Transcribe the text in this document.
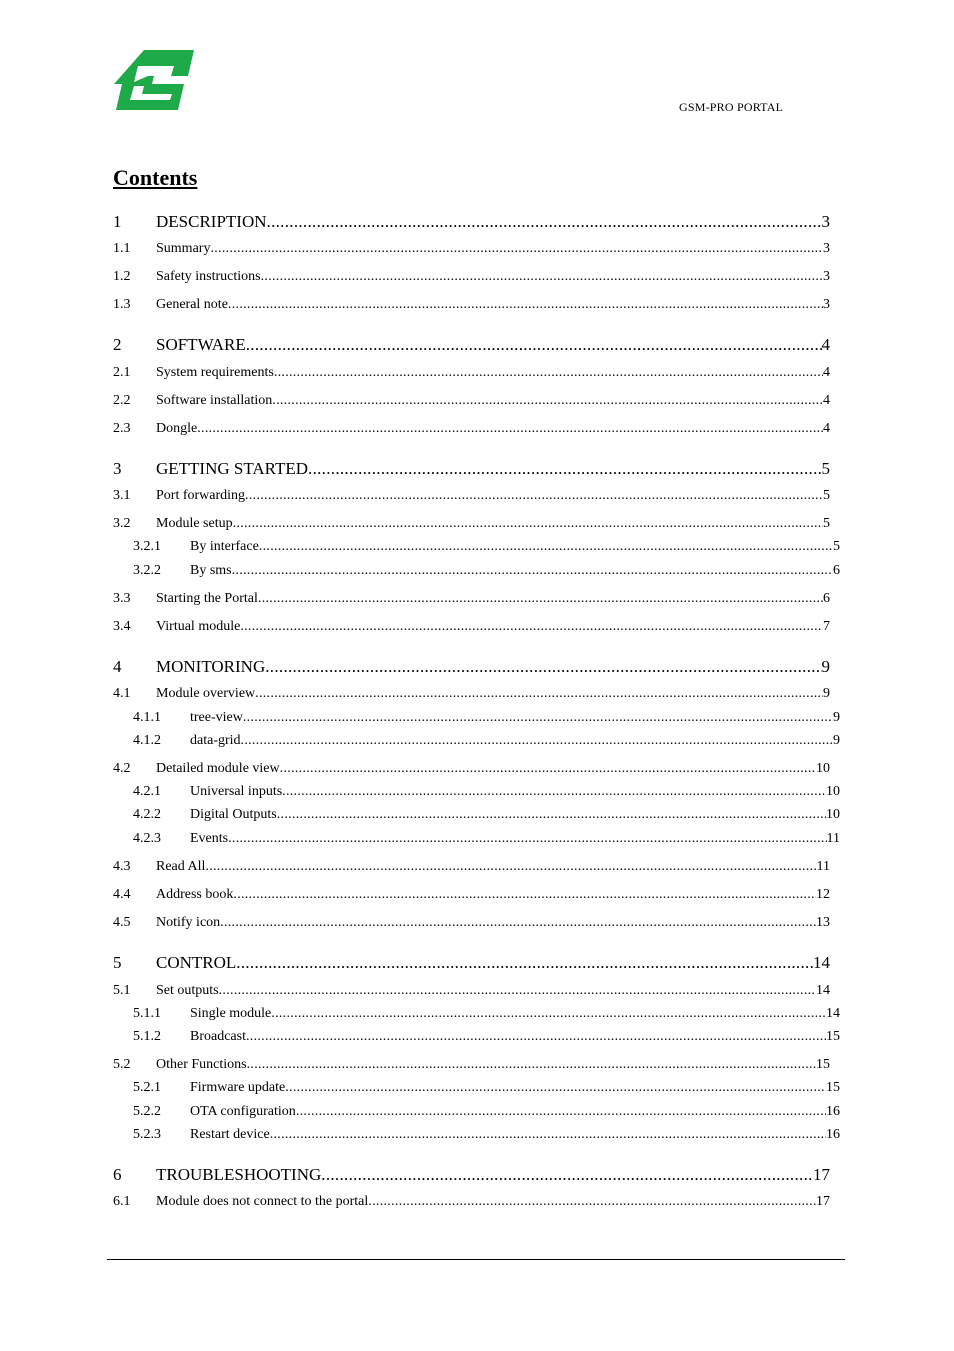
GSM-PRO PORTAL
Contents
1	DESCRIPTION .....	3
1.1	Summary .....	3
1.2	Safety instructions .....	3
1.3	General note .....	3
2	SOFTWARE .....	4
2.1	System requirements .....	4
2.2	Software installation .....	4
2.3	Dongle .....	4
3	GETTING STARTED .....	5
3.1	Port forwarding .....	5
3.2	Module setup .....	5
3.2.1	By interface .....	5
3.2.2	By sms .....	6
3.3	Starting the Portal .....	6
3.4	Virtual module .....	7
4	MONITORING .....	9
4.1	Module overview .....	9
4.1.1	tree-view .....	9
4.1.2	data-grid .....	9
4.2	Detailed module view .....	10
4.2.1	Universal inputs .....	10
4.2.2	Digital Outputs .....	10
4.2.3	Events .....	11
4.3	Read All .....	11
4.4	Address book .....	12
4.5	Notify icon .....	13
5	CONTROL .....	14
5.1	Set outputs .....	14
5.1.1	Single module .....	14
5.1.2	Broadcast .....	15
5.2	Other Functions .....	15
5.2.1	Firmware update .....	15
5.2.2	OTA configuration .....	16
5.2.3	Restart device .....	16
6	TROUBLESHOOTING .....	17
6.1	Module does not connect to the portal .....	17
